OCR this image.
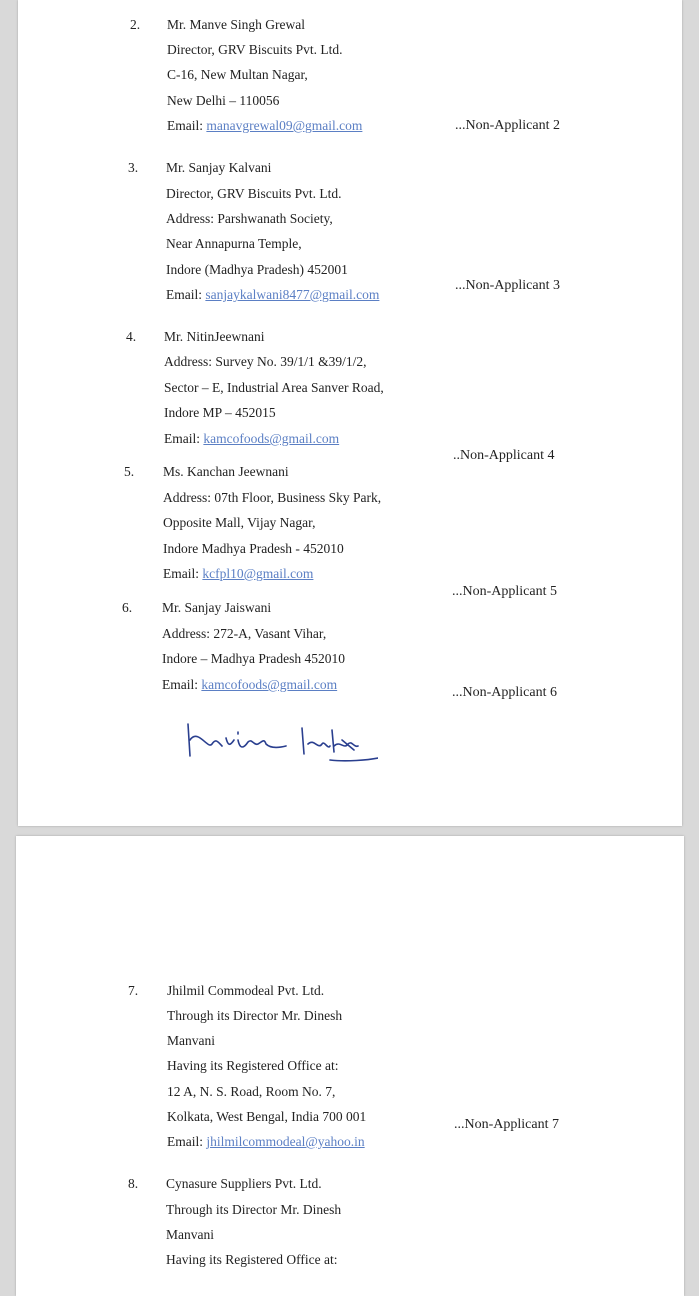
2. Mr. Manve Singh Grewal
Director, GRV Biscuits Pvt. Ltd.
C-16, New Multan Nagar,
New Delhi – 110056
Email: manavgrewal09@gmail.com	...Non-Applicant 2
3. Mr. Sanjay Kalvani
Director, GRV Biscuits Pvt. Ltd.
Address: Parshwanath Society,
Near Annapurna Temple,
Indore (Madhya Pradesh) 452001
Email: sanjaykalwani8477@gmail.com
...Non-Applicant 3
4. Mr. NitinJeewnani
Address: Survey No. 39/1/1 &39/1/2,
Sector – E, Industrial Area Sanver Road,
Indore MP – 452015
Email: kamcofoods@gmail.com
..Non-Applicant 4
5. Ms. Kanchan Jeewnani
Address: 07th Floor, Business Sky Park,
Opposite Mall, Vijay Nagar,
Indore Madhya Pradesh - 452010
Email: kcfpl10@gmail.com
...Non-Applicant 5
6. Mr. Sanjay Jaiswani
Address: 272-A, Vasant Vihar,
Indore – Madhya Pradesh 452010
Email: kamcofoods@gmail.com
...Non-Applicant 6
7. Jhilmil Commodeal Pvt. Ltd.
Through its Director Mr. Dinesh
Manvani
Having its Registered Office at:
12 A, N. S. Road, Room No. 7,
Kolkata, West Bengal, India 700 001
Email: jhilmilcommodeal@yahoo.in
...Non-Applicant 7
8. Cynasure Suppliers Pvt. Ltd.
Through its Director Mr. Dinesh
Manvani
Having its Registered Office at:
